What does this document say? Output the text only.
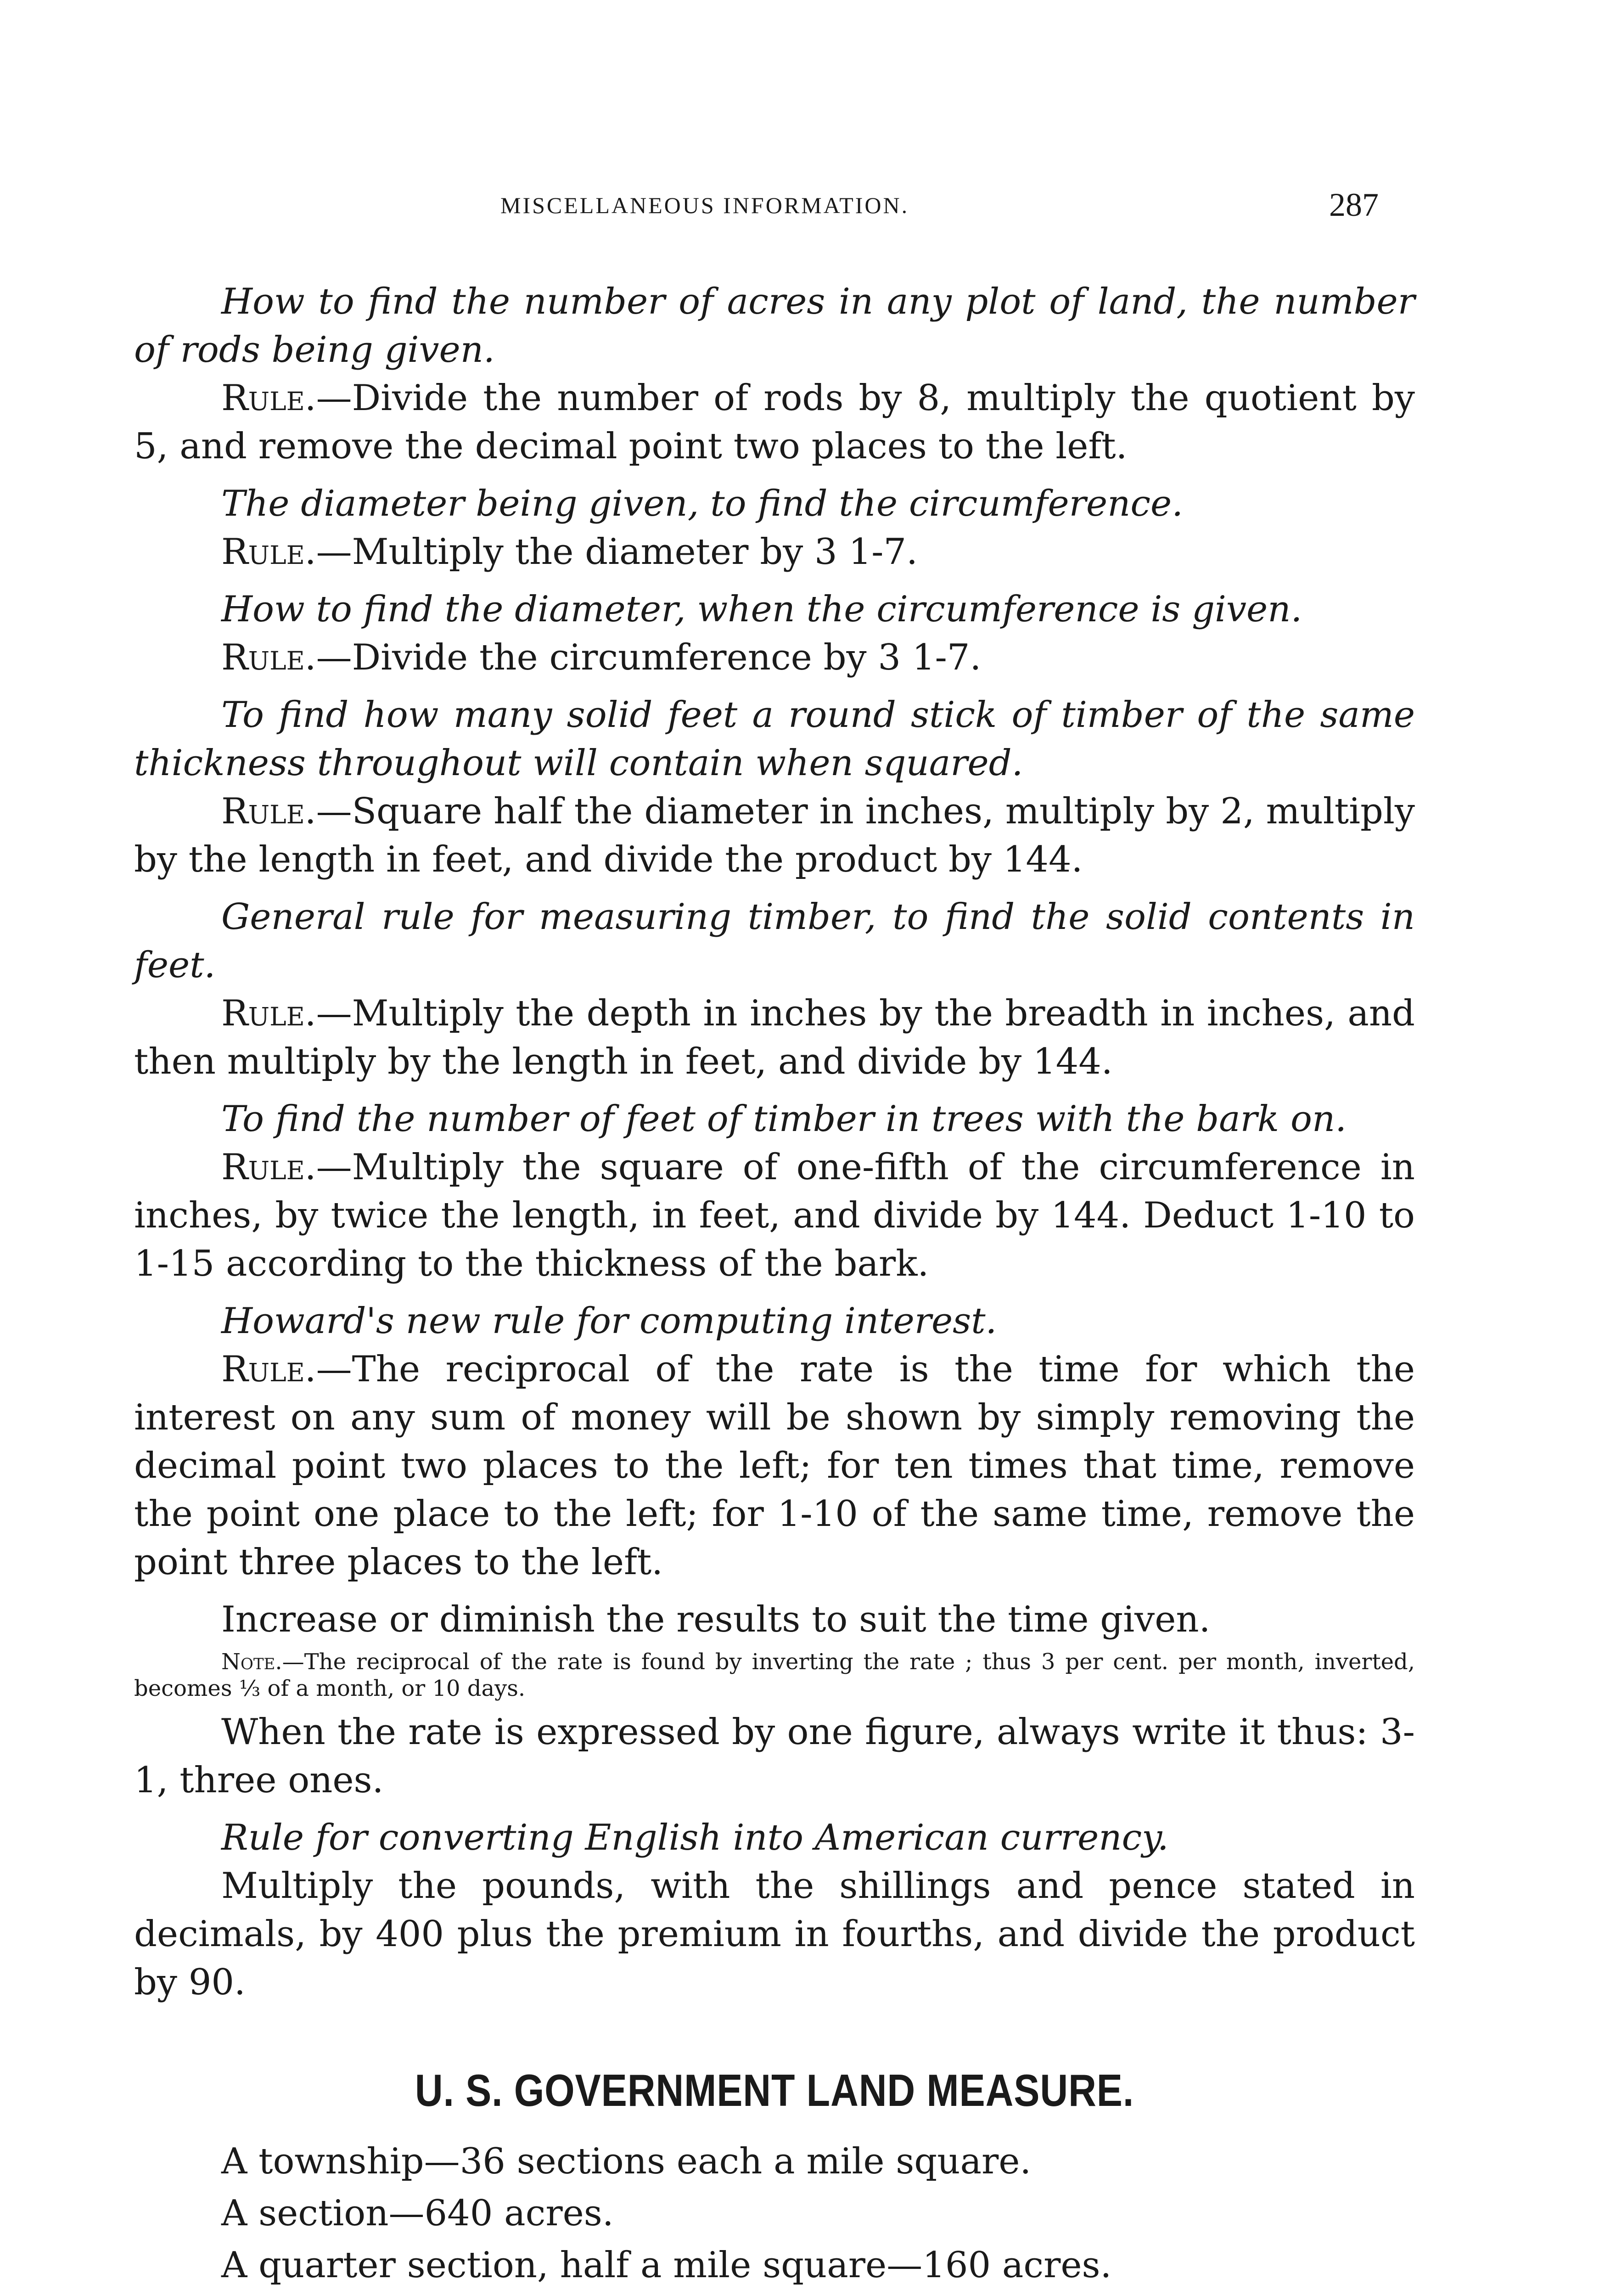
MISCELLANEOUS INFORMATION.	287

How to find the number of acres in any plot of land, the number of rods being given.

Rule.—Divide the number of rods by 8, multiply the quotient by 5, and remove the decimal point two places to the left.

The diameter being given, to find the circumference.

Rule.—Multiply the diameter by 3 1-7.

How to find the diameter, when the circumference is given.

Rule.—Divide the circumference by 3 1-7.

To find how many solid feet a round stick of timber of the same thickness throughout will contain when squared.

Rule.—Square half the diameter in inches, multiply by 2, multiply by the length in feet, and divide the product by 144.

General rule for measuring timber, to find the solid contents in feet.

Rule.—Multiply the depth in inches by the breadth in inches, and then multiply by the length in feet, and divide by 144.

To find the number of feet of timber in trees with the bark on.

Rule.—Multiply the square of one-fifth of the circumference in inches, by twice the length, in feet, and divide by 144. Deduct 1-10 to 1-15 according to the thickness of the bark.

Howard's new rule for computing interest.

Rule.—The reciprocal of the rate is the time for which the interest on any sum of money will be shown by simply removing the decimal point two places to the left; for ten times that time, remove the point one place to the left; for 1-10 of the same time, remove the point three places to the left.

Increase or diminish the results to suit the time given.

Note.—The reciprocal of the rate is found by inverting the rate ; thus 3 per cent. per month, inverted, becomes ⅓ of a month, or 10 days.

When the rate is expressed by one figure, always write it thus: 3-1, three ones.

Rule for converting English into American currency.

Multiply the pounds, with the shillings and pence stated in decimals, by 400 plus the premium in fourths, and divide the product by 90.

U. S. GOVERNMENT LAND MEASURE.

A township—36 sections each a mile square.

A section—640 acres.

A quarter section, half a mile square—160 acres.
